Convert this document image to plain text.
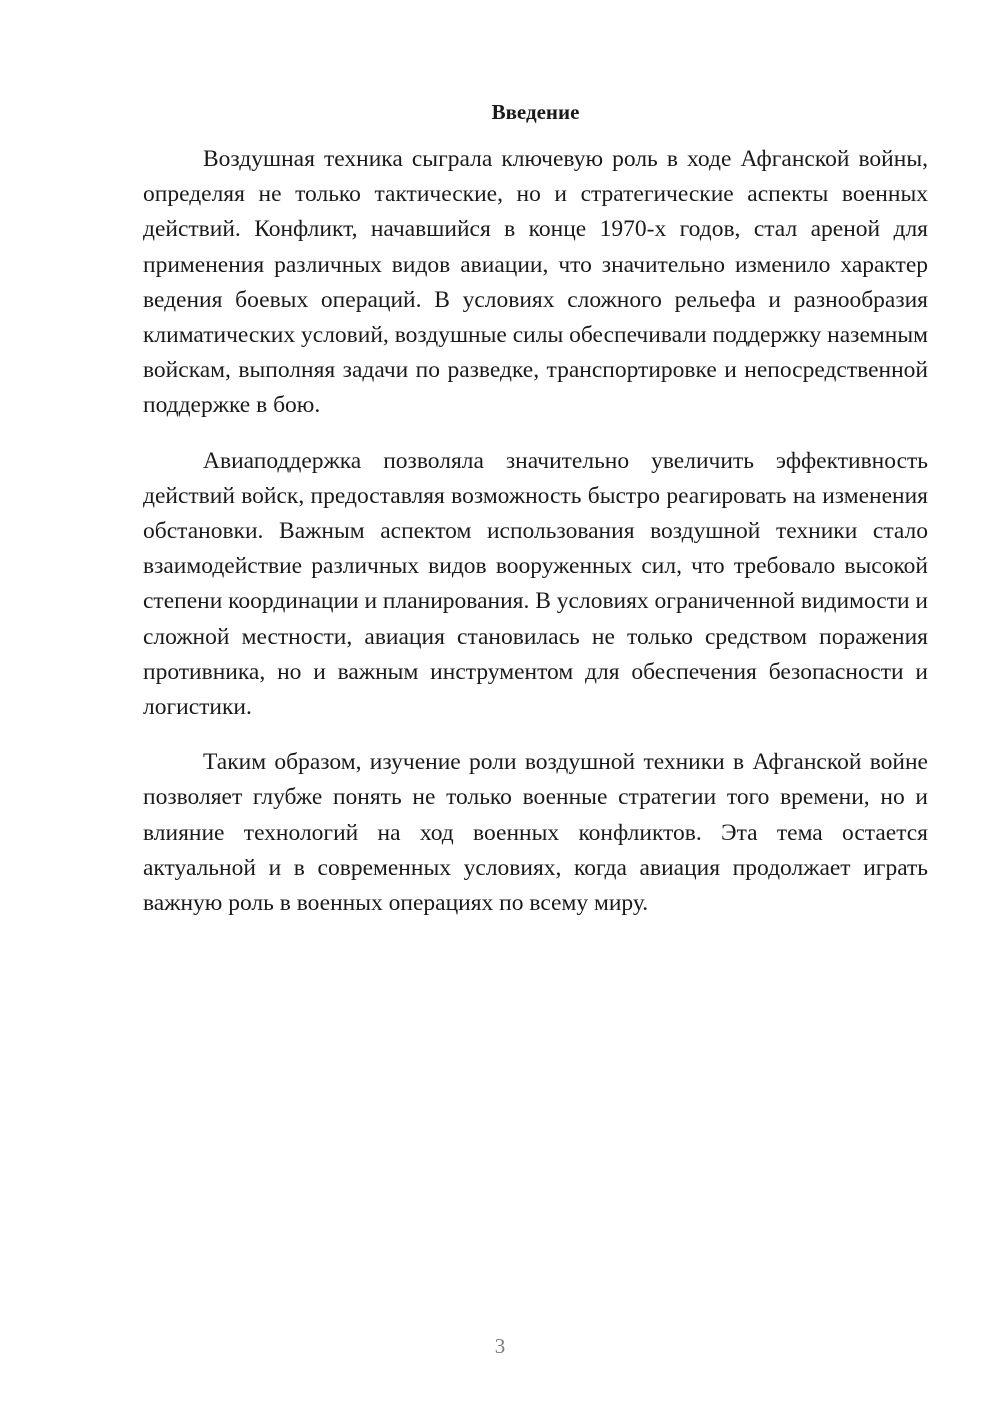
Введение

Воздушная техника сыграла ключевую роль в ходе Афганской войны, определяя не только тактические, но и стратегические аспекты военных действий. Конфликт, начавшийся в конце 1970-х годов, стал ареной для применения различных видов авиации, что значительно изменило характер ведения боевых операций. В условиях сложного рельефа и разнообразия климатических условий, воздушные силы обеспечивали поддержку наземным войскам, выполняя задачи по разведке, транспортировке и непосредственной поддержке в бою.

Авиаподдержка позволяла значительно увеличить эффективность действий войск, предоставляя возможность быстро реагировать на изменения обстановки. Важным аспектом использования воздушной техники стало взаимодействие различных видов вооруженных сил, что требовало высокой степени координации и планирования. В условиях ограниченной видимости и сложной местности, авиация становилась не только средством поражения противника, но и важным инструментом для обеспечения безопасности и логистики.

Таким образом, изучение роли воздушной техники в Афганской войне позволяет глубже понять не только военные стратегии того времени, но и влияние технологий на ход военных конфликтов. Эта тема остается актуальной и в современных условиях, когда авиация продолжает играть важную роль в военных операциях по всему миру.

3
